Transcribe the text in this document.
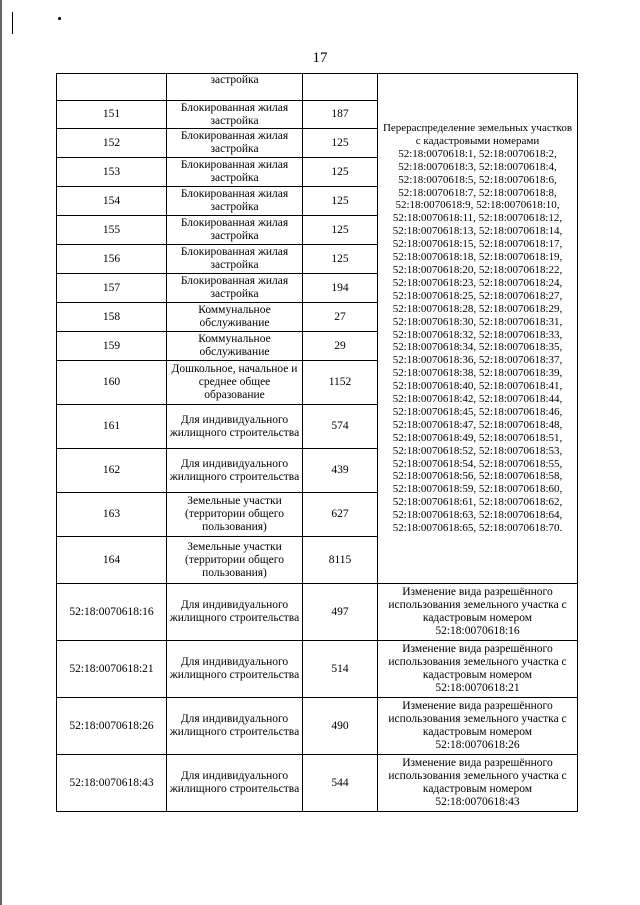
17
	застройка		Перераспределение земельных участков с кадастровыми номерами 52:18:0070618:1, 52:18:0070618:2, 52:18:0070618:3, 52:18:0070618:4, 52:18:0070618:5, 52:18:0070618:6, 52:18:0070618:7, 52:18:0070618:8, 52:18:0070618:9, 52:18:0070618:10, 52:18:0070618:11, 52:18:0070618:12, 52:18:0070618:13, 52:18:0070618:14, 52:18:0070618:15, 52:18:0070618:17, 52:18:0070618:18, 52:18:0070618:19, 52:18:0070618:20, 52:18:0070618:22, 52:18:0070618:23, 52:18:0070618:24, 52:18:0070618:25, 52:18:0070618:27, 52:18:0070618:28, 52:18:0070618:29, 52:18:0070618:30, 52:18:0070618:31, 52:18:0070618:32, 52:18:0070618:33, 52:18:0070618:34, 52:18:0070618:35, 52:18:0070618:36, 52:18:0070618:37, 52:18:0070618:38, 52:18:0070618:39, 52:18:0070618:40, 52:18:0070618:41, 52:18:0070618:42, 52:18:0070618:44, 52:18:0070618:45, 52:18:0070618:46, 52:18:0070618:47, 52:18:0070618:48, 52:18:0070618:49, 52:18:0070618:51, 52:18:0070618:52, 52:18:0070618:53, 52:18:0070618:54, 52:18:0070618:55, 52:18:0070618:56, 52:18:0070618:58, 52:18:0070618:59, 52:18:0070618:60, 52:18:0070618:61, 52:18:0070618:62, 52:18:0070618:63, 52:18:0070618:64, 52:18:0070618:65, 52:18:0070618:70.
151	Блокированная жилая застройка	187	
152	Блокированная жилая застройка	125	
153	Блокированная жилая застройка	125	
154	Блокированная жилая застройка	125	
155	Блокированная жилая застройка	125	
156	Блокированная жилая застройка	125	
157	Блокированная жилая застройка	194	
158	Коммунальное обслуживание	27	
159	Коммунальное обслуживание	29	
160	Дошкольное, начальное и среднее общее образование	1152	
161	Для индивидуального жилищного строительства	574	
162	Для индивидуального жилищного строительства	439	
163	Земельные участки (территории общего пользования)	627	
164	Земельные участки (территории общего пользования)	8115	
52:18:0070618:16	Для индивидуального жилищного строительства	497	Изменение вида разрешённого использования земельного участка с кадастровым номером 52:18:0070618:16
52:18:0070618:21	Для индивидуального жилищного строительства	514	Изменение вида разрешённого использования земельного участка с кадастровым номером 52:18:0070618:21
52:18:0070618:26	Для индивидуального жилищного строительства	490	Изменение вида разрешённого использования земельного участка с кадастровым номером 52:18:0070618:26
52:18:0070618:43	Для индивидуального жилищного строительства	544	Изменение вида разрешённого использования земельного участка с кадастровым номером 52:18:0070618:43
